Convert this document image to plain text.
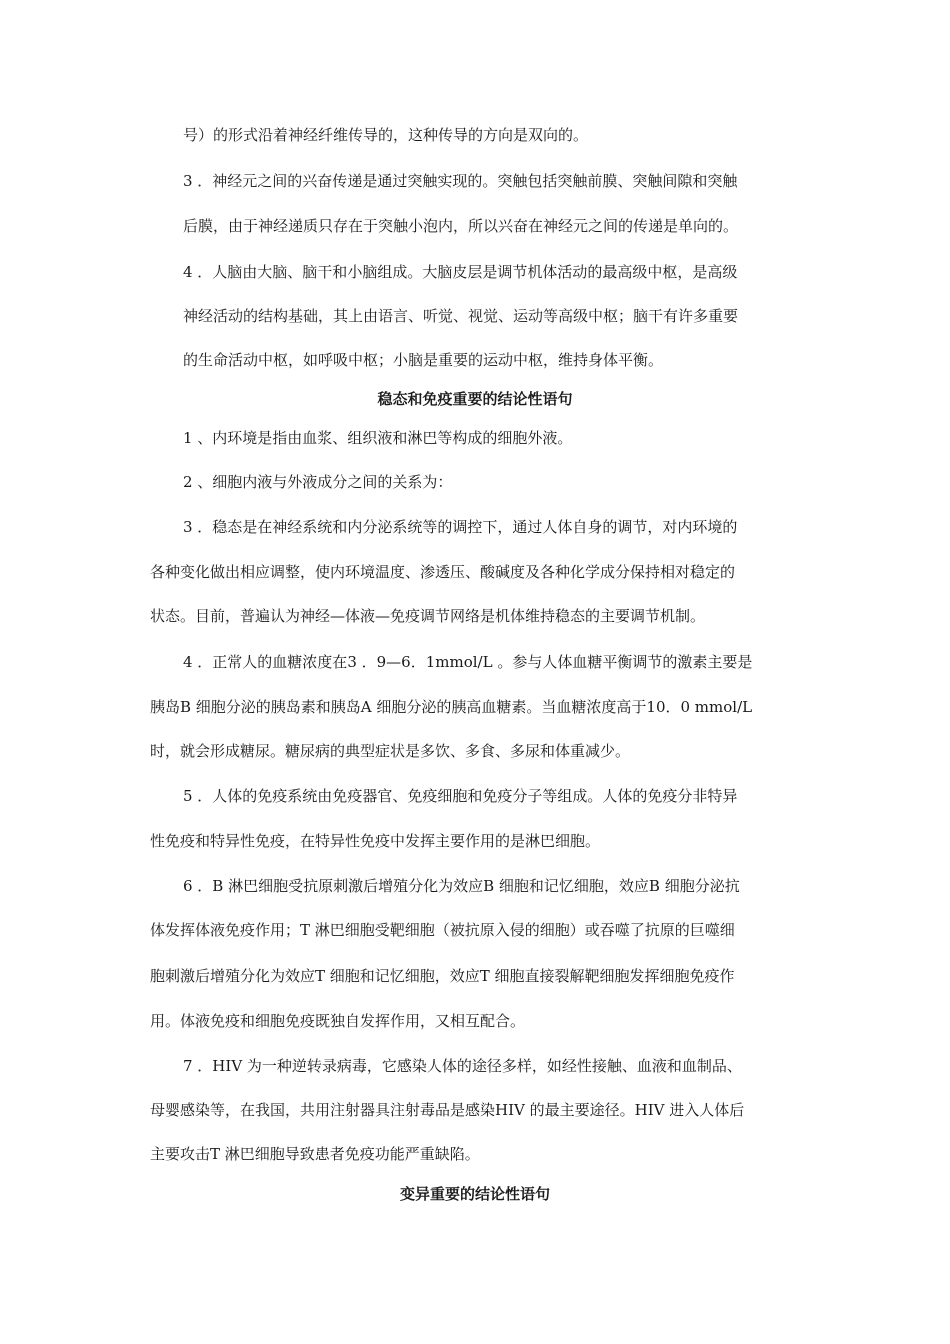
号）的形式沿着神经纤维传导的，这种传导的方向是双向的。
3 ．神经元之间的兴奋传递是通过突触实现的。突触包括突触前膜、突触间隙和突触
后膜，由于神经递质只存在于突触小泡内，所以兴奋在神经元之间的传递是单向的。
4 ．人脑由大脑、脑干和小脑组成。大脑皮层是调节机体活动的最高级中枢，是高级
神经活动的结构基础，其上由语言、听觉、视觉、运动等高级中枢；脑干有许多重要
的生命活动中枢，如呼吸中枢；小脑是重要的运动中枢，维持身体平衡。
稳态和免疫重要的结论性语句
1 、内环境是指由血浆、组织液和淋巴等构成的细胞外液。
2 、细胞内液与外液成分之间的关系为：
3 ．稳态是在神经系统和内分泌系统等的调控下，通过人体自身的调节，对内环境的
各种变化做出相应调整，使内环境温度、渗透压、酸碱度及各种化学成分保持相对稳定的
状态。目前，普遍认为神经—体液—免疫调节网络是机体维持稳态的主要调节机制。
4 ．正常人的血糖浓度在3 ．9—6．1mmol/L 。参与人体血糖平衡调节的激素主要是
胰岛B 细胞分泌的胰岛素和胰岛A 细胞分泌的胰高血糖素。当血糖浓度高于10．0 mmol/L
时，就会形成糖尿。糖尿病的典型症状是多饮、多食、多尿和体重减少。
5 ．人体的免疫系统由免疫器官、免疫细胞和免疫分子等组成。人体的免疫分非特异
性免疫和特异性免疫，在特异性免疫中发挥主要作用的是淋巴细胞。
6 ．B 淋巴细胞受抗原刺激后增殖分化为效应B 细胞和记忆细胞，效应B 细胞分泌抗
体发挥体液免疫作用；T 淋巴细胞受靶细胞（被抗原入侵的细胞）或吞噬了抗原的巨噬细
胞刺激后增殖分化为效应T 细胞和记忆细胞，效应T 细胞直接裂解靶细胞发挥细胞免疫作
用。体液免疫和细胞免疫既独自发挥作用，又相互配合。
7 ．HIV 为一种逆转录病毒，它感染人体的途径多样，如经性接触、血液和血制品、
母婴感染等，在我国，共用注射器具注射毒品是感染HIV 的最主要途径。HIV 进入人体后
主要攻击T 淋巴细胞导致患者免疫功能严重缺陷。
变异重要的结论性语句
